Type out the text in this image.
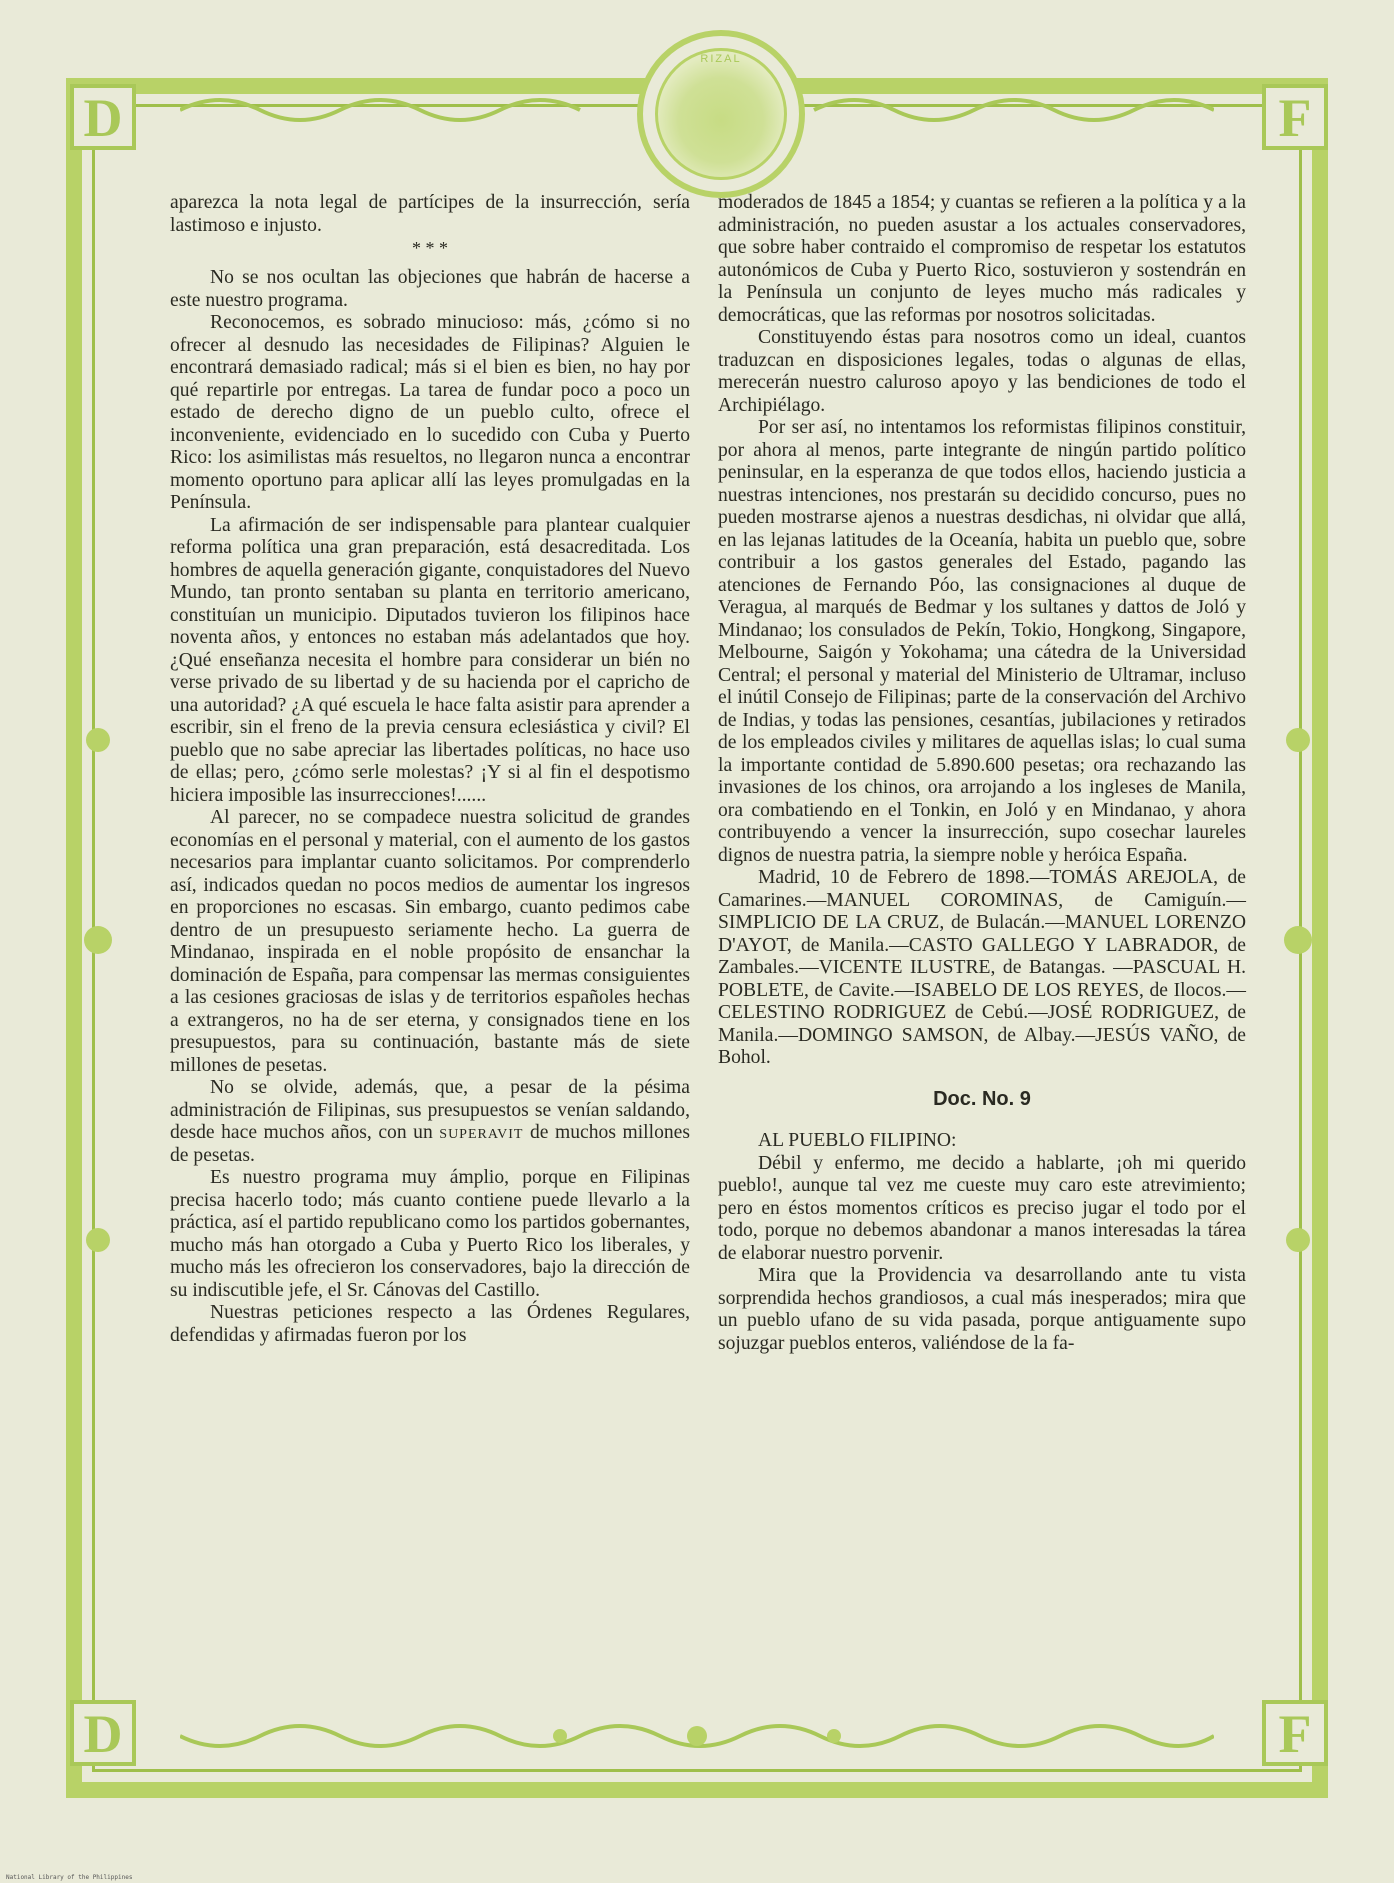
D	F
D	F
RIZAL

aparezca la nota legal de partícipes de la insurrección, sería lastimoso e injusto.

* * *

No se nos ocultan las objeciones que habrán de hacerse a este nuestro programa.

Reconocemos, es sobrado minucioso: más, ¿cómo si no ofrecer al desnudo las necesidades de Filipinas? Alguien le encontrará demasiado radical; más si el bien es bien, no hay por qué repartirle por entregas. La tarea de fundar poco a poco un estado de derecho digno de un pueblo culto, ofrece el inconveniente, evidenciado en lo sucedido con Cuba y Puerto Rico: los asimilistas más resueltos, no llegaron nunca a encontrar momento oportuno para aplicar allí las leyes promulgadas en la Península.

La afirmación de ser indispensable para plantear cualquier reforma política una gran preparación, está desacreditada. Los hombres de aquella generación gigante, conquistadores del Nuevo Mundo, tan pronto sentaban su planta en territorio americano, constituían un municipio. Diputados tuvieron los filipinos hace noventa años, y entonces no estaban más adelantados que hoy. ¿Qué enseñanza necesita el hombre para considerar un bién no verse privado de su libertad y de su hacienda por el capricho de una autoridad? ¿A qué escuela le hace falta asistir para aprender a escribir, sin el freno de la previa censura eclesiástica y civil? El pueblo que no sabe apreciar las libertades políticas, no hace uso de ellas; pero, ¿cómo serle molestas? ¡Y si al fin el despotismo hiciera imposible las insurrecciones!......

Al parecer, no se compadece nuestra solicitud de grandes economías en el personal y material, con el aumento de los gastos necesarios para implantar cuanto solicitamos. Por comprenderlo así, indicados quedan no pocos medios de aumentar los ingresos en proporciones no escasas. Sin embargo, cuanto pedimos cabe dentro de un presupuesto seriamente hecho. La guerra de Mindanao, inspirada en el noble propósito de ensanchar la dominación de España, para compensar las mermas consiguientes a las cesiones graciosas de islas y de territorios españoles hechas a extrangeros, no ha de ser eterna, y consignados tiene en los presupuestos, para su continuación, bastante más de siete millones de pesetas.

No se olvide, además, que, a pesar de la pésima administración de Filipinas, sus presupuestos se venían saldando, desde hace muchos años, con un superavit de muchos millones de pesetas.

Es nuestro programa muy ámplio, porque en Filipinas precisa hacerlo todo; más cuanto contiene puede llevarlo a la práctica, así el partido republicano como los partidos gobernantes, mucho más han otorgado a Cuba y Puerto Rico los liberales, y mucho más les ofrecieron los conservadores, bajo la dirección de su indiscutible jefe, el Sr. Cánovas del Castillo.

Nuestras peticiones respecto a las Órdenes Regulares, defendidas y afirmadas fueron por los

moderados de 1845 a 1854; y cuantas se refieren a la política y a la administración, no pueden asustar a los actuales conservadores, que sobre haber contraido el compromiso de respetar los estatutos autonómicos de Cuba y Puerto Rico, sostuvieron y sostendrán en la Península un conjunto de leyes mucho más radicales y democráticas, que las reformas por nosotros solicitadas.

Constituyendo éstas para nosotros como un ideal, cuantos traduzcan en disposiciones legales, todas o algunas de ellas, merecerán nuestro caluroso apoyo y las bendiciones de todo el Archipiélago.

Por ser así, no intentamos los reformistas filipinos constituir, por ahora al menos, parte integrante de ningún partido político peninsular, en la esperanza de que todos ellos, haciendo justicia a nuestras intenciones, nos prestarán su decidido concurso, pues no pueden mostrarse ajenos a nuestras desdichas, ni olvidar que allá, en las lejanas latitudes de la Oceanía, habita un pueblo que, sobre contribuir a los gastos generales del Estado, pagando las atenciones de Fernando Póo, las consignaciones al duque de Veragua, al marqués de Bedmar y los sultanes y dattos de Joló y Mindanao; los consulados de Pekín, Tokio, Hongkong, Singapore, Melbourne, Saigón y Yokohama; una cátedra de la Universidad Central; el personal y material del Ministerio de Ultramar, incluso el inútil Consejo de Filipinas; parte de la conservación del Archivo de Indias, y todas las pensiones, cesantías, jubilaciones y retirados de los empleados civiles y militares de aquellas islas; lo cual suma la importante contidad de 5.890.600 pesetas; ora rechazando las invasiones de los chinos, ora arrojando a los ingleses de Manila, ora combatiendo en el Tonkin, en Joló y en Mindanao, y ahora contribuyendo a vencer la insurrección, supo cosechar laureles dignos de nuestra patria, la siempre noble y heróica España.

Madrid, 10 de Febrero de 1898.—TOMÁS AREJOLA, de Camarines.—MANUEL COROMINAS, de Camiguín.—SIMPLICIO DE LA CRUZ, de Bulacán.—MANUEL LORENZO D'AYOT, de Manila.—CASTO GALLEGO Y LABRADOR, de Zambales.—VICENTE ILUSTRE, de Batangas. —PASCUAL H. POBLETE, de Cavite.—ISABELO DE LOS REYES, de Ilocos.—CELESTINO RODRIGUEZ de Cebú.—JOSÉ RODRIGUEZ, de Manila.—DOMINGO SAMSON, de Albay.—JESÚS VAÑO, de Bohol.

Doc. No. 9

AL PUEBLO FILIPINO:

Débil y enfermo, me decido a hablarte, ¡oh mi querido pueblo!, aunque tal vez me cueste muy caro este atrevimiento; pero en éstos momentos críticos es preciso jugar el todo por el todo, porque no debemos abandonar a manos interesadas la tárea de elaborar nuestro porvenir.

Mira que la Providencia va desarrollando ante tu vista sorprendida hechos grandiosos, a cual más inesperados; mira que un pueblo ufano de su vida pasada, porque antiguamente supo sojuzgar pueblos enteros, valiéndose de la fa-

National Library of the Philippines
